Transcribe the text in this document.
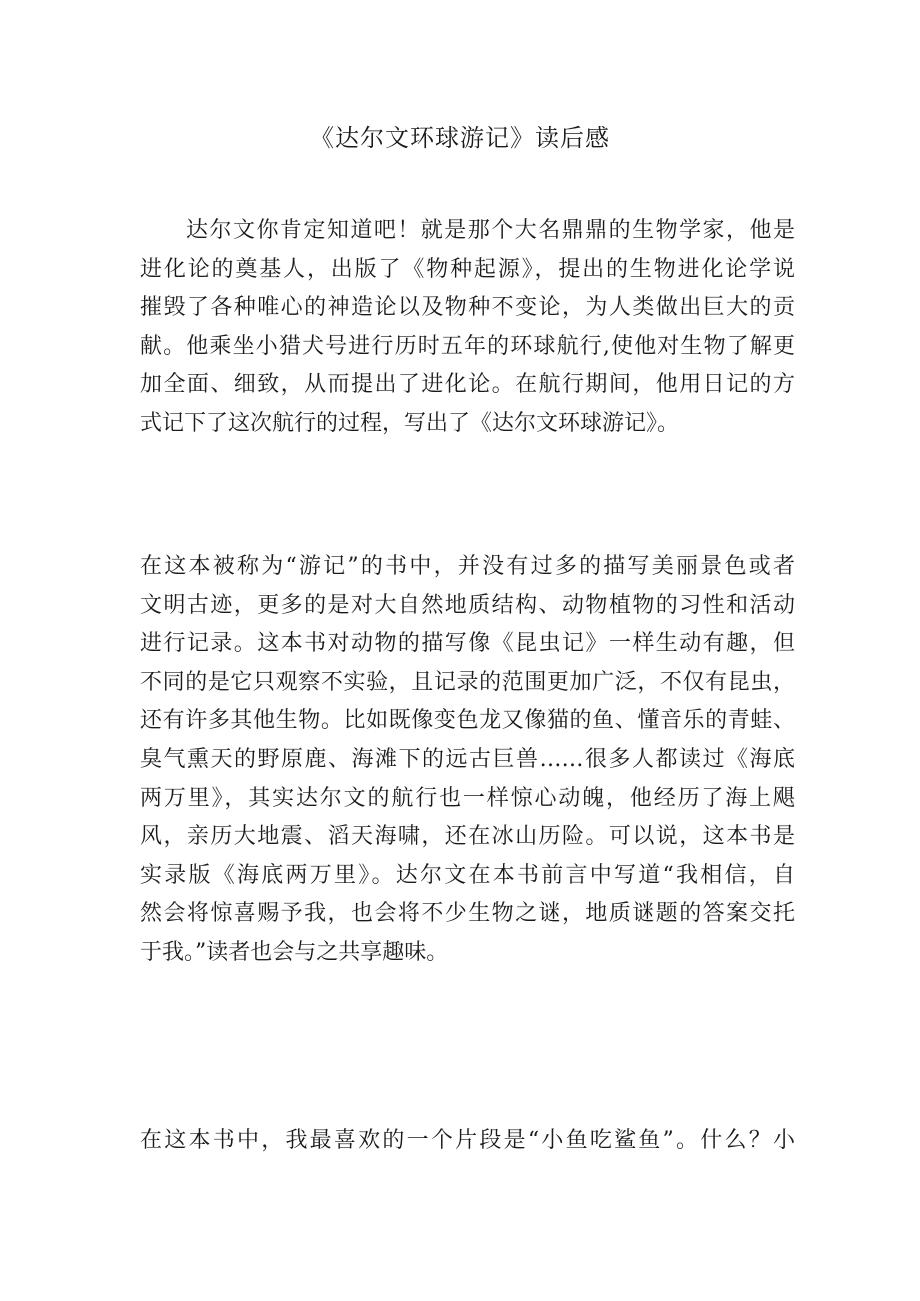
《达尔文环球游记》读后感
达尔文你肯定知道吧！就是那个大名鼎鼎的生物学家，他是
进化论的奠基人，出版了《物种起源》，提出的生物进化论学说
摧毁了各种唯心的神造论以及物种不变论，为人类做出巨大的贡
献。他乘坐小猎犬号进行历时五年的环球航行,使他对生物了解更
加全面、细致，从而提出了进化论。在航行期间，他用日记的方
式记下了这次航行的过程，写出了《达尔文环球游记》。
在这本被称为“游记”的书中，并没有过多的描写美丽景色或者
文明古迹，更多的是对大自然地质结构、动物植物的习性和活动
进行记录。这本书对动物的描写像《昆虫记》一样生动有趣，但
不同的是它只观察不实验，且记录的范围更加广泛，不仅有昆虫，
还有许多其他生物。比如既像变色龙又像猫的鱼、懂音乐的青蛙、
臭气熏天的野原鹿、海滩下的远古巨兽……很多人都读过《海底
两万里》，其实达尔文的航行也一样惊心动魄，他经历了海上飓
风，亲历大地震、滔天海啸，还在冰山历险。可以说，这本书是
实录版《海底两万里》。达尔文在本书前言中写道“我相信，自
然会将惊喜赐予我，也会将不少生物之谜，地质谜题的答案交托
于我。”读者也会与之共享趣味。
在这本书中，我最喜欢的一个片段是“小鱼吃鲨鱼”。什么？小
